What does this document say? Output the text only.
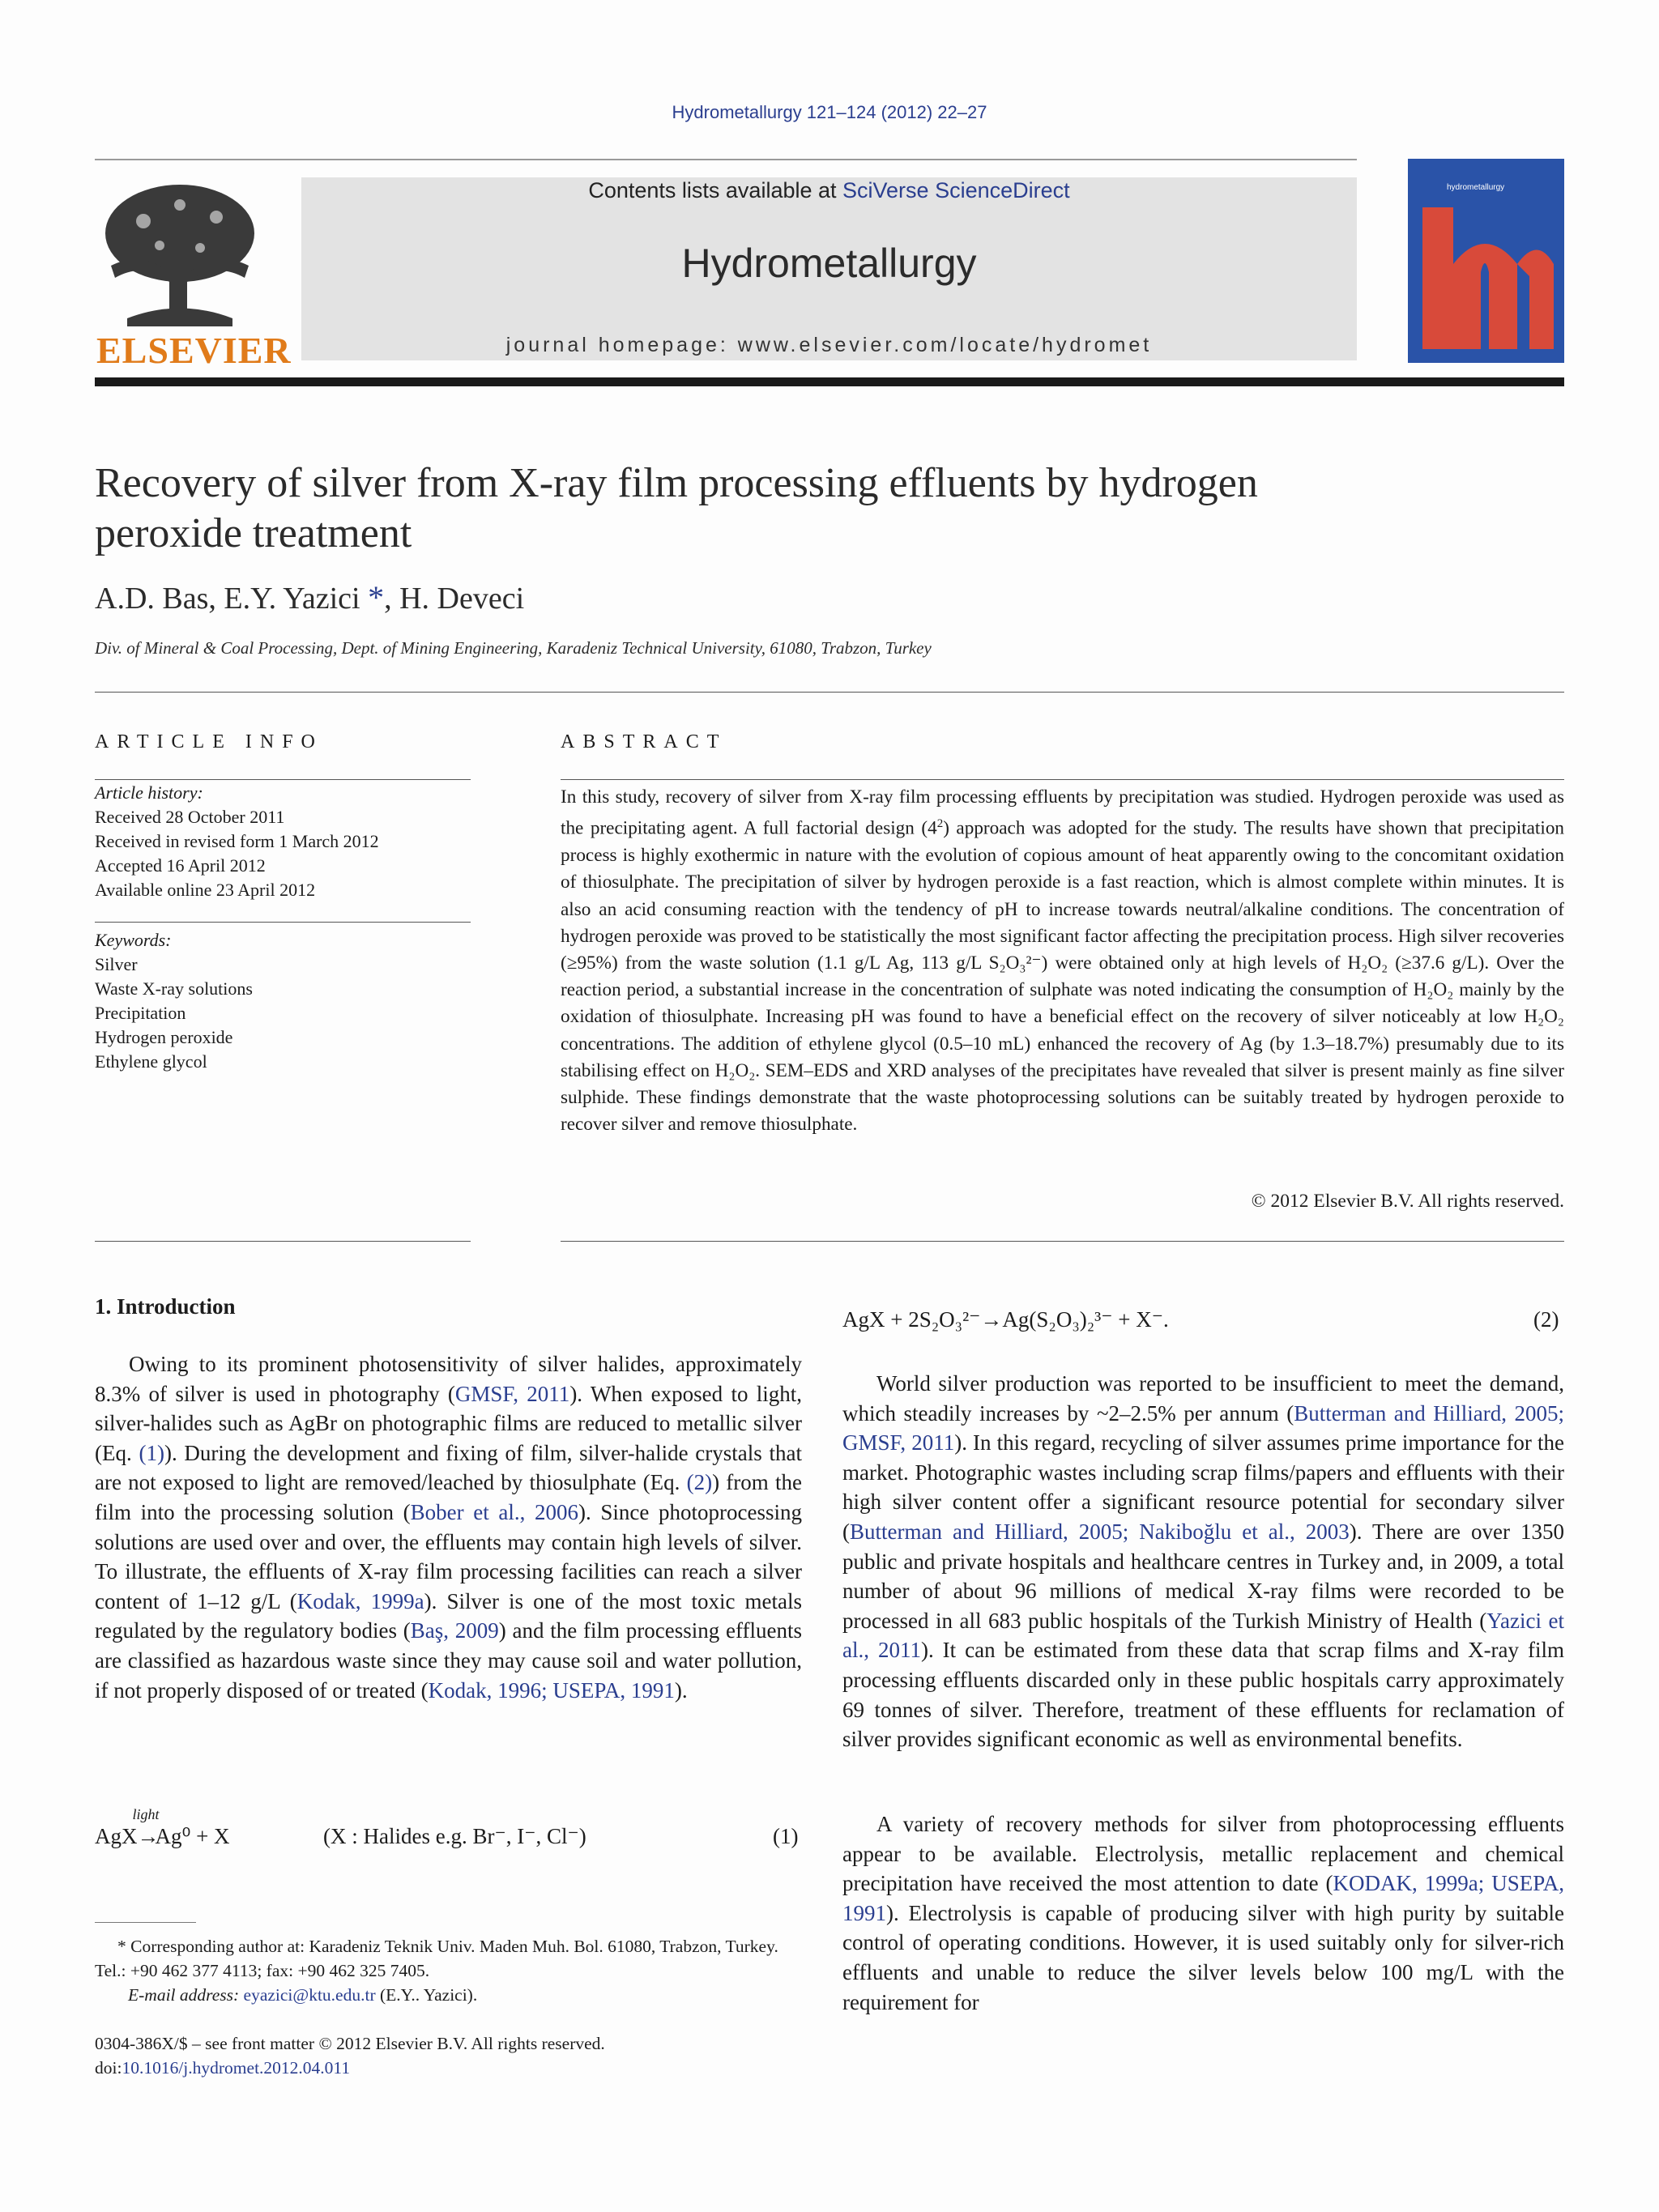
Hydrometallurgy 121–124 (2012) 22–27
ELSEVIER
Contents lists available at SciVerse ScienceDirect
Hydrometallurgy
journal homepage: www.elsevier.com/locate/hydromet
hydrometallurgy
Recovery of silver from X-ray film processing effluents by hydrogen
peroxide treatment
A.D. Bas, E.Y. Yazici *, H. Deveci
Div. of Mineral & Coal Processing, Dept. of Mining Engineering, Karadeniz Technical University, 61080, Trabzon, Turkey
ARTICLE INFO
Article history:
Received 28 October 2011
Received in revised form 1 March 2012
Accepted 16 April 2012
Available online 23 April 2012
Keywords:
Silver
Waste X-ray solutions
Precipitation
Hydrogen peroxide
Ethylene glycol
ABSTRACT
In this study, recovery of silver from X-ray film processing effluents by precipitation was studied. Hydrogen peroxide was used as the precipitating agent. A full factorial design $(4^2)$ approach was adopted for the study. The results have shown that precipitation process is highly exothermic in nature with the evolution of copious amount of heat apparently owing to the concomitant oxidation of thiosulphate. The precipitation of silver by hydrogen peroxide is a fast reaction, which is almost complete within minutes. It is also an acid consuming reaction with the tendency of pH to increase towards neutral/alkaline conditions. The concentration of hydrogen peroxide was proved to be statistically the most significant factor affecting the precipitation process. High silver recoveries (≥95%) from the waste solution (1.1 g/L Ag, 113 g/L S₂O₃²⁻) were obtained only at high levels of H₂O₂ (≥37.6 g/L). Over the reaction period, a substantial increase in the concentration of sulphate was noted indicating the consumption of H₂O₂ mainly by the oxidation of thiosulphate. Increasing pH was found to have a beneficial effect on the recovery of silver noticeably at low H₂O₂ concentrations. The addition of ethylene glycol (0.5–10 mL) enhanced the recovery of Ag (by 1.3–18.7%) presumably due to its stabilising effect on H₂O₂. SEM–EDS and XRD analyses of the precipitates have revealed that silver is present mainly as fine silver sulphide. These findings demonstrate that the waste photoprocessing solutions can be suitably treated by hydrogen peroxide to recover silver and remove thiosulphate.
© 2012 Elsevier B.V. All rights reserved.
1. Introduction
Owing to its prominent photosensitivity of silver halides, approximately 8.3% of silver is used in photography (GMSF, 2011). When exposed to light, silver-halides such as AgBr on photographic films are reduced to metallic silver (Eq. (1)). During the development and fixing of film, silver-halide crystals that are not exposed to light are removed/leached by thiosulphate (Eq. (2)) from the film into the processing solution (Bober et al., 2006). Since photoprocessing solutions are used over and over, the effluents may contain high levels of silver. To illustrate, the effluents of X-ray film processing facilities can reach a silver content of 1–12 g/L (Kodak, 1999a). Silver is one of the most toxic metals regulated by the regulatory bodies (Baş, 2009) and the film processing effluents are classified as hazardous waste since they may cause soil and water pollution, if not properly disposed of or treated (Kodak, 1996; USEPA, 1991).
AgX
light
→Ag⁰ + X	(X : Halides e.g. Br⁻, I⁻, Cl⁻)	(1)
* Corresponding author at: Karadeniz Teknik Univ. Maden Muh. Bol. 61080, Trabzon, Turkey. Tel.: +90 462 377 4113; fax: +90 462 325 7405.
E-mail address: eyazici@ktu.edu.tr (E.Y.. Yazici).
0304-386X/$ – see front matter © 2012 Elsevier B.V. All rights reserved.
doi:10.1016/j.hydromet.2012.04.011
AgX + 2S₂O₃²⁻→Ag(S₂O₃)₂³⁻ + X⁻.	(2)
World silver production was reported to be insufficient to meet the demand, which steadily increases by ~2–2.5% per annum (Butterman and Hilliard, 2005; GMSF, 2011). In this regard, recycling of silver assumes prime importance for the market. Photographic wastes including scrap films/papers and effluents with their high silver content offer a significant resource potential for secondary silver (Butterman and Hilliard, 2005; Nakiboğlu et al., 2003). There are over 1350 public and private hospitals and healthcare centres in Turkey and, in 2009, a total number of about 96 millions of medical X-ray films were recorded to be processed in all 683 public hospitals of the Turkish Ministry of Health (Yazici et al., 2011). It can be estimated from these data that scrap films and X-ray film processing effluents discarded only in these public hospitals carry approximately 69 tonnes of silver. Therefore, treatment of these effluents for reclamation of silver provides significant economic as well as environmental benefits.
A variety of recovery methods for silver from photoprocessing effluents appear to be available. Electrolysis, metallic replacement and chemical precipitation have received the most attention to date (KODAK, 1999a; USEPA, 1991). Electrolysis is capable of producing silver with high purity by suitable control of operating conditions. However, it is used suitably only for silver-rich effluents and unable to reduce the silver levels below 100 mg/L with the requirement for
